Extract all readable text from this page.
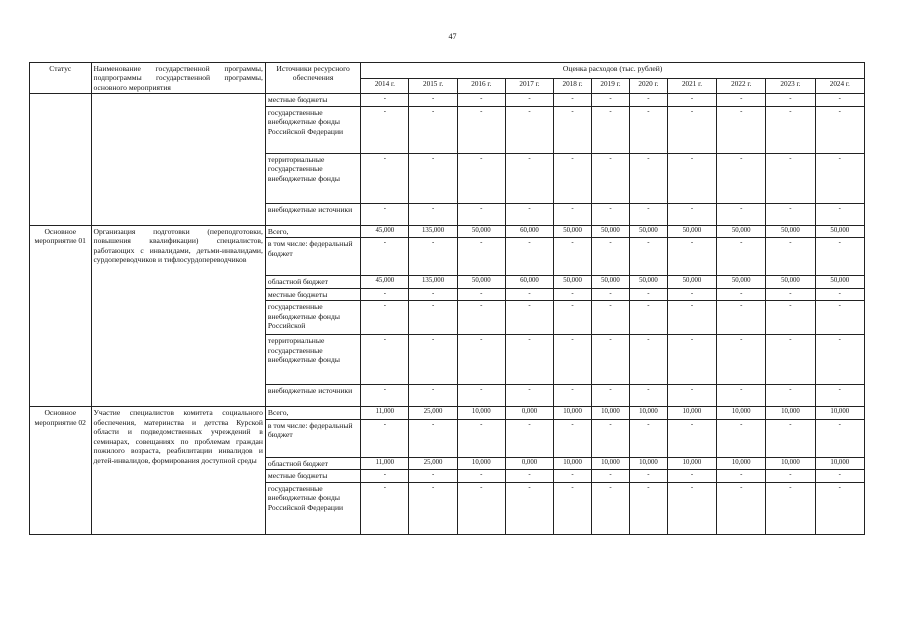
47
Статус	Наименование государственной программы, подпрограммы государственной программы, основного мероприятия	Источники ресурсного обеспечения	Оценка расходов (тыс. рублей)										
			2014 г.	2015 г.	2016 г.	2017 г.	2018 г.	2019 г.	2020 г.	2021 г.	2022 г.	2023 г.	2024 г.
		местные бюджеты	-	-	-	-	-	-	-	-	-	-	-
		государственные внебюджетные фонды Российской Федерации	-	-	-	-	-	-	-	-	-	-	-
		территориальные государственные внебюджетные фонды	-	-	-	-	-	-	-	-	-	-	-
		внебюджетные источники	-	-	-	-	-	-	-	-	-	-	-
Основное мероприятие 01	Организация подготовки (переподготовки, повышения квалификации) специалистов, работающих с инвалидами, детьми-инвалидами, сурдопереводчиков и тифлосурдопереводчиков	Всего,	45,000	135,000	50,000	60,000	50,000	50,000	50,000	50,000	50,000	50,000	50,000
		в том числе: федеральный бюджет	-	-	-	-	-	-	-	-	-	-	-
		областной бюджет	45,000	135,000	50,000	60,000	50,000	50,000	50,000	50,000	50,000	50,000	50,000
		местные бюджеты	-	-	-	-	-	-	-	-	-	-	-
		государственные внебюджетные фонды Российской	-	-	-	-	-	-	-	-	-	-	-
		территориальные государственные внебюджетные фонды	-	-	-	-	-	-	-	-	-	-	-
		внебюджетные источники	-	-	-	-	-	-	-	-	-	-	-
Основное мероприятие 02	Участие специалистов комитета социального обеспечения, материнства и детства Курской области и подведомственных учреждений в семинарах, совещаниях по проблемам граждан пожилого возраста, реабилитации инвалидов и детей-инвалидов, формирования доступной среды	Всего,	11,000	25,000	10,000	0,000	10,000	10,000	10,000	10,000	10,000	10,000	10,000
		в том числе: федеральный бюджет	-	-	-	-	-	-	-	-	-	-	-
		областной бюджет	11,000	25,000	10,000	0,000	10,000	10,000	10,000	10,000	10,000	10,000	10,000
		местные бюджеты	-	-	-	-	-	-	-	-	-	-	-
		государственные внебюджетные фонды Российской Федерации	-	-	-	-	-	-	-	-	-	-	-
